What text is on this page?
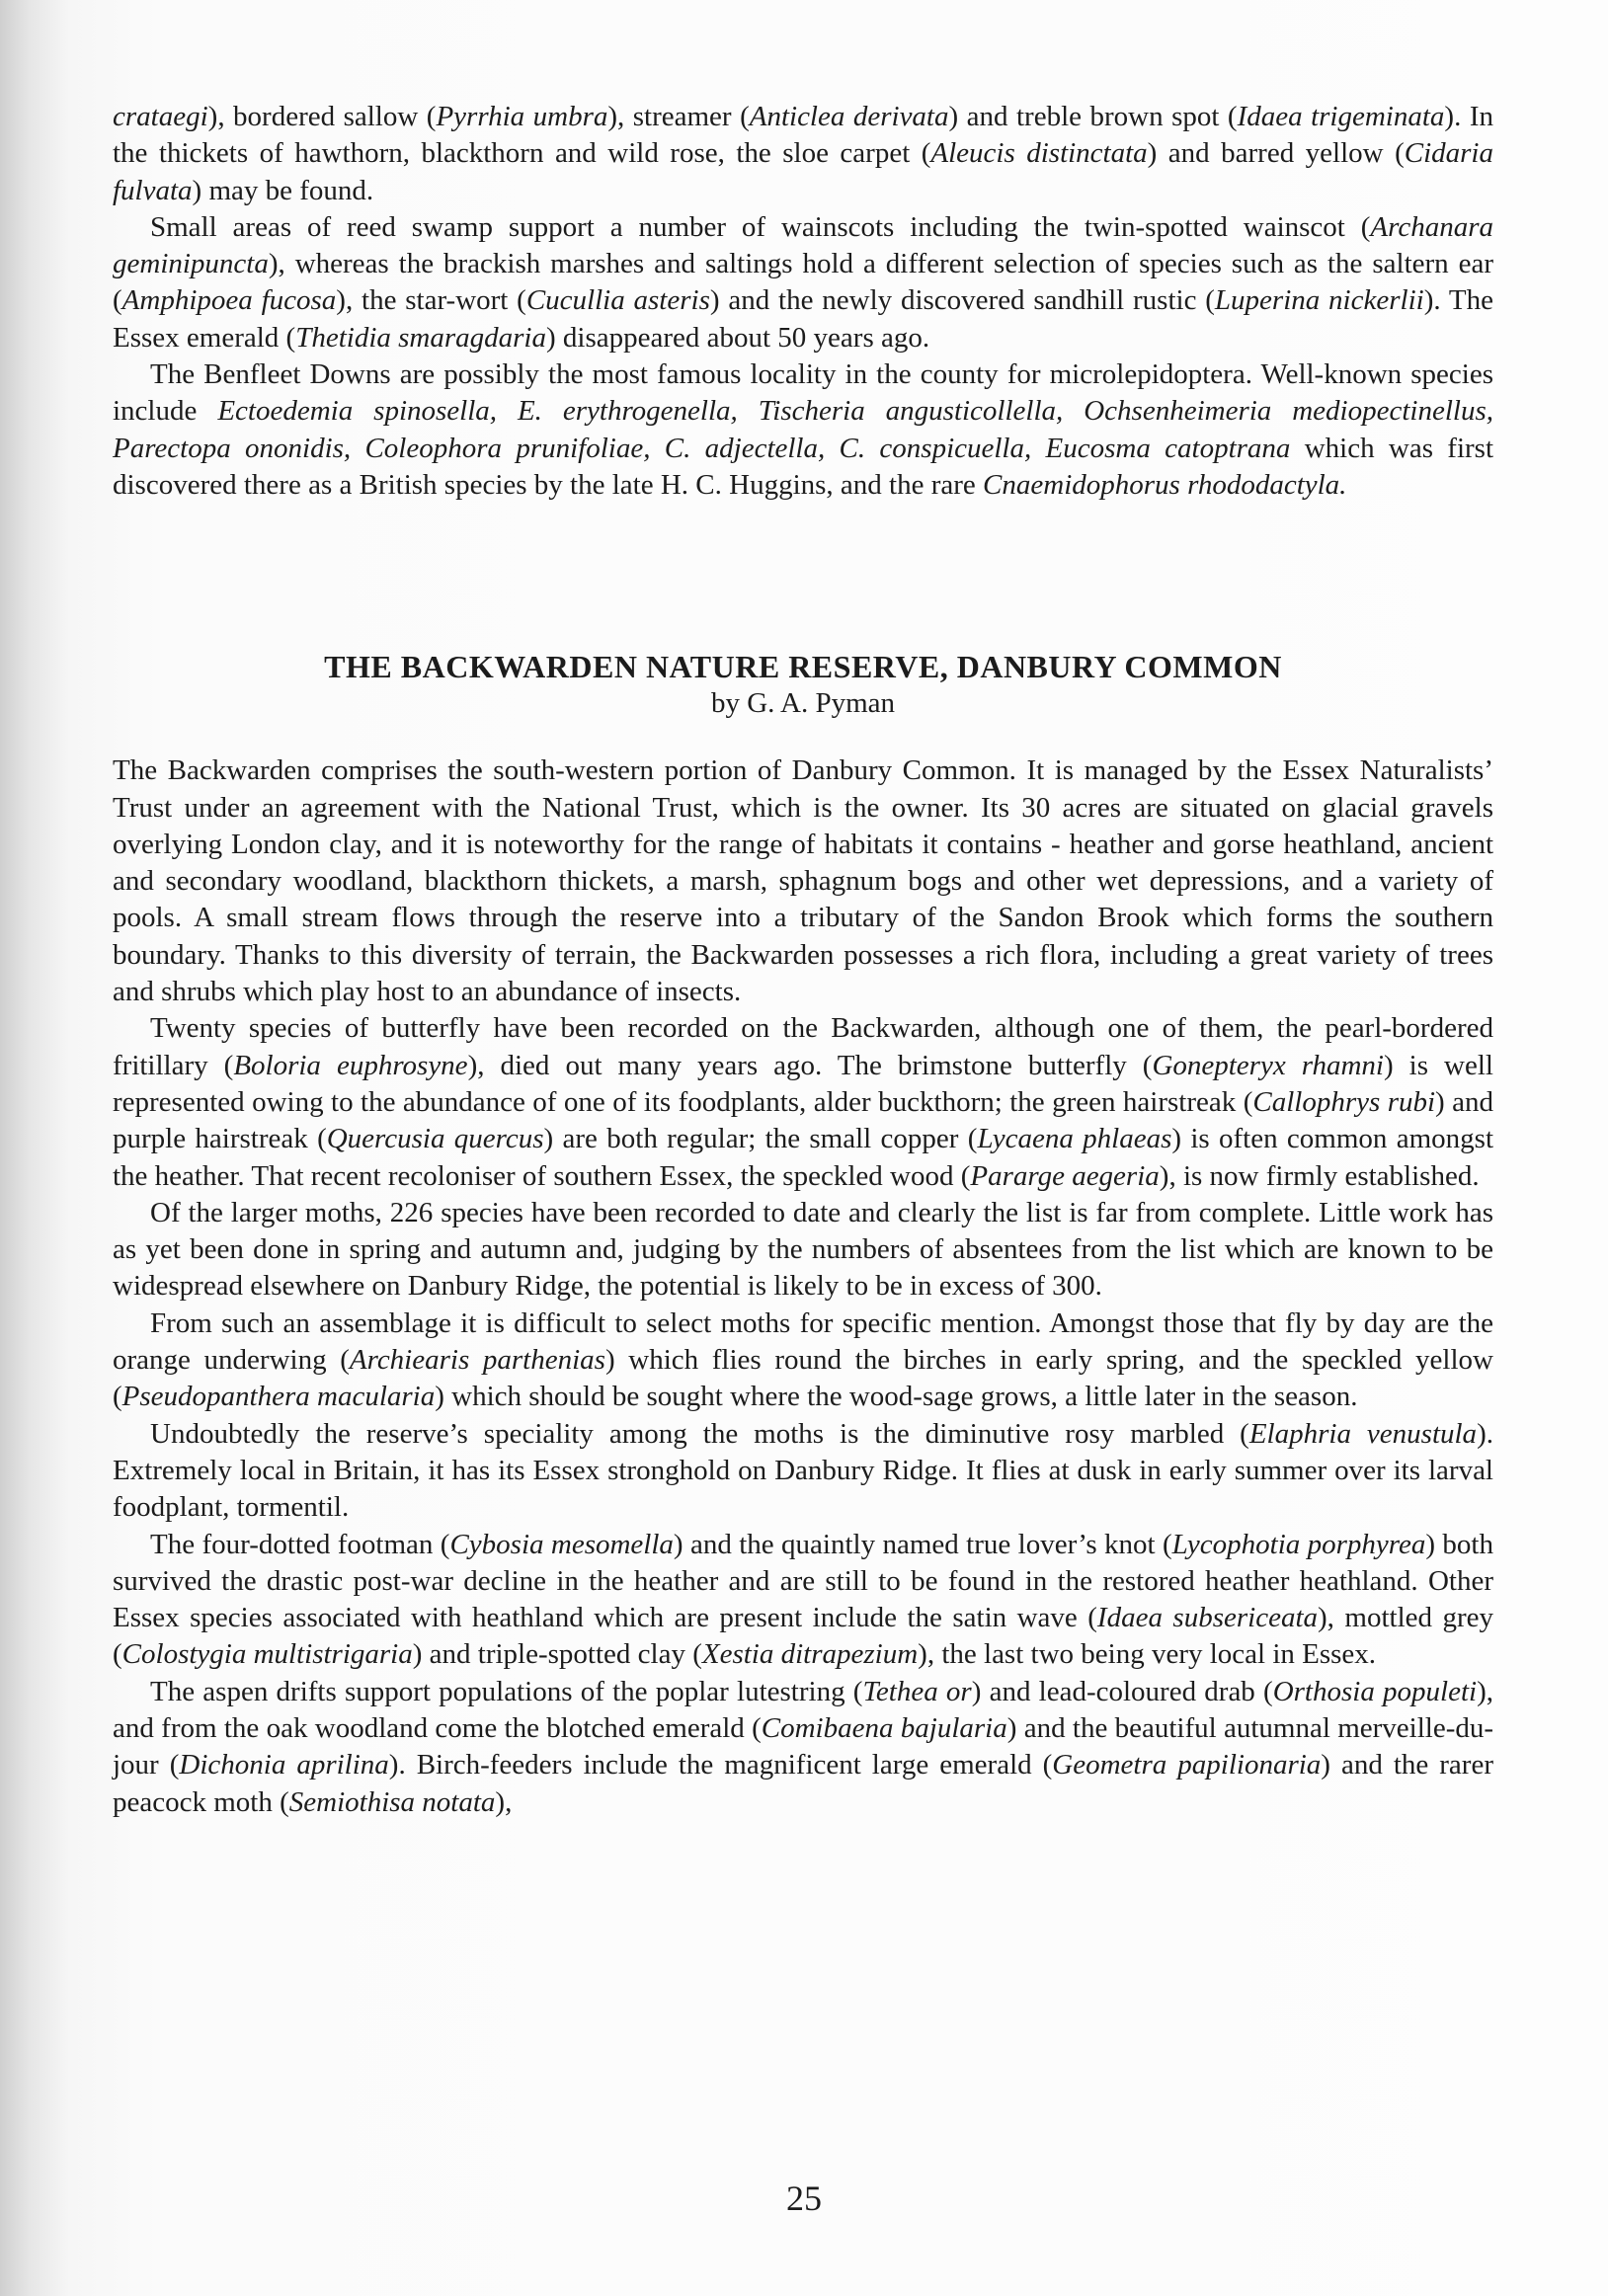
crataegi), bordered sallow (Pyrrhia umbra), streamer (Anticlea derivata) and treble brown spot (Idaea trigeminata). In the thickets of hawthorn, blackthorn and wild rose, the sloe carpet (Aleucis distinctata) and barred yellow (Cidaria fulvata) may be found.

Small areas of reed swamp support a number of wainscots including the twin-spotted wainscot (Archanara geminipuncta), whereas the brackish marshes and saltings hold a different selection of species such as the saltern ear (Amphipoea fucosa), the star-wort (Cucullia asteris) and the newly discovered sandhill rustic (Luperina nickerlii). The Essex emerald (Thetidia smaragdaria) disappeared about 50 years ago.

The Benfleet Downs are possibly the most famous locality in the county for microlepidoptera. Well-known species include Ectoedemia spinosella, E. erythrogenella, Tischeria angusticollella, Ochsenheimeria mediopectinellus, Parectopa ononidis, Coleophora prunifoliae, C. adjectella, C. conspicuella, Eucosma catoptrana which was first discovered there as a British species by the late H. C. Huggins, and the rare Cnaemidophorus rhododactyla.

THE BACKWARDEN NATURE RESERVE, DANBURY COMMON
by G. A. Pyman

The Backwarden comprises the south-western portion of Danbury Common. It is managed by the Essex Naturalists’ Trust under an agreement with the National Trust, which is the owner. Its 30 acres are situated on glacial gravels overlying London clay, and it is noteworthy for the range of habitats it contains - heather and gorse heathland, ancient and secondary woodland, blackthorn thickets, a marsh, sphagnum bogs and other wet depressions, and a variety of pools. A small stream flows through the reserve into a tributary of the Sandon Brook which forms the southern boundary. Thanks to this diversity of terrain, the Backwarden possesses a rich flora, including a great variety of trees and shrubs which play host to an abundance of insects.

Twenty species of butterfly have been recorded on the Backwarden, although one of them, the pearl-bordered fritillary (Boloria euphrosyne), died out many years ago. The brimstone butterfly (Gonepteryx rhamni) is well represented owing to the abundance of one of its foodplants, alder buckthorn; the green hairstreak (Callophrys rubi) and purple hairstreak (Quercusia quercus) are both regular; the small copper (Lycaena phlaeas) is often common amongst the heather. That recent recoloniser of southern Essex, the speckled wood (Pararge aegeria), is now firmly established.

Of the larger moths, 226 species have been recorded to date and clearly the list is far from complete. Little work has as yet been done in spring and autumn and, judging by the numbers of absentees from the list which are known to be widespread elsewhere on Danbury Ridge, the potential is likely to be in excess of 300.

From such an assemblage it is difficult to select moths for specific mention. Amongst those that fly by day are the orange underwing (Archiearis parthenias) which flies round the birches in early spring, and the speckled yellow (Pseudopanthera macularia) which should be sought where the wood-sage grows, a little later in the season.

Undoubtedly the reserve’s speciality among the moths is the diminutive rosy marbled (Elaphria venustula). Extremely local in Britain, it has its Essex stronghold on Danbury Ridge. It flies at dusk in early summer over its larval foodplant, tormentil.

The four-dotted footman (Cybosia mesomella) and the quaintly named true lover’s knot (Lycophotia porphyrea) both survived the drastic post-war decline in the heather and are still to be found in the restored heather heathland. Other Essex species associated with heathland which are present include the satin wave (Idaea subsericeata), mottled grey (Colostygia multistrigaria) and triple-spotted clay (Xestia ditrapezium), the last two being very local in Essex.

The aspen drifts support populations of the poplar lutestring (Tethea or) and lead-coloured drab (Orthosia populeti), and from the oak woodland come the blotched emerald (Comibaena bajularia) and the beautiful autumnal merveille-du-jour (Dichonia aprilina). Birch-feeders include the magnificent large emerald (Geometra papilionaria) and the rarer peacock moth (Semiothisa notata),

25
